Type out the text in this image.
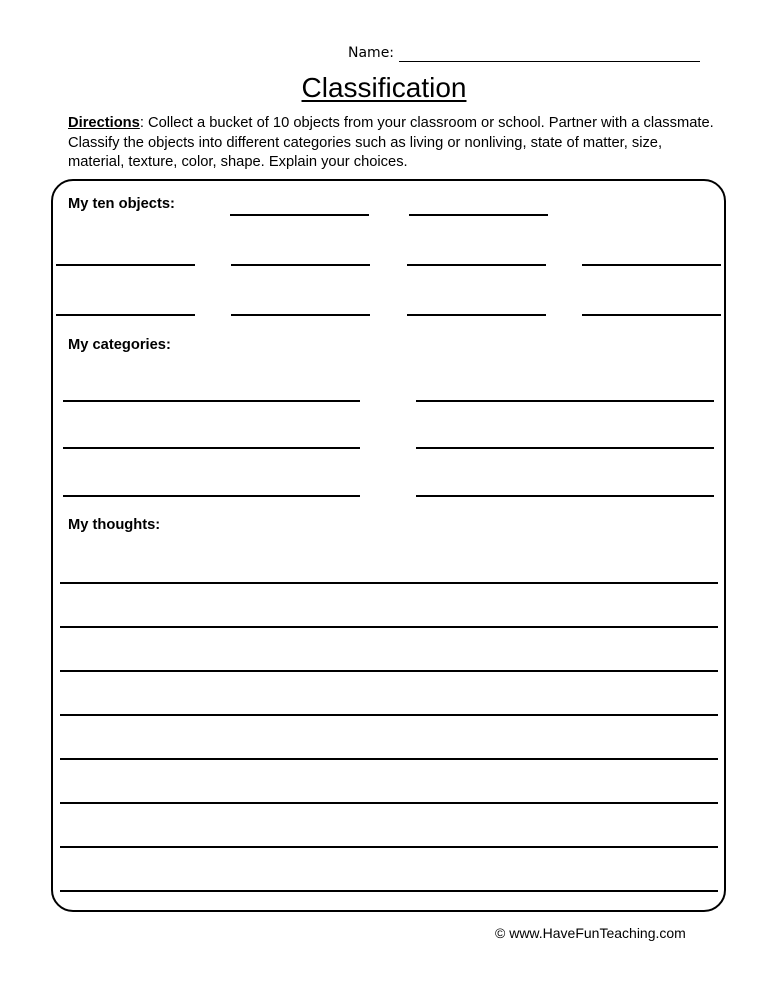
Name:
Classification
Directions: Collect a bucket of 10 objects from your classroom or school. Partner with a classmate. Classify the objects into different categories such as living or nonliving, state of matter, size, material, texture, color, shape. Explain your choices.
My ten objects:
My categories:
My thoughts:
© www.HaveFunTeaching.com
